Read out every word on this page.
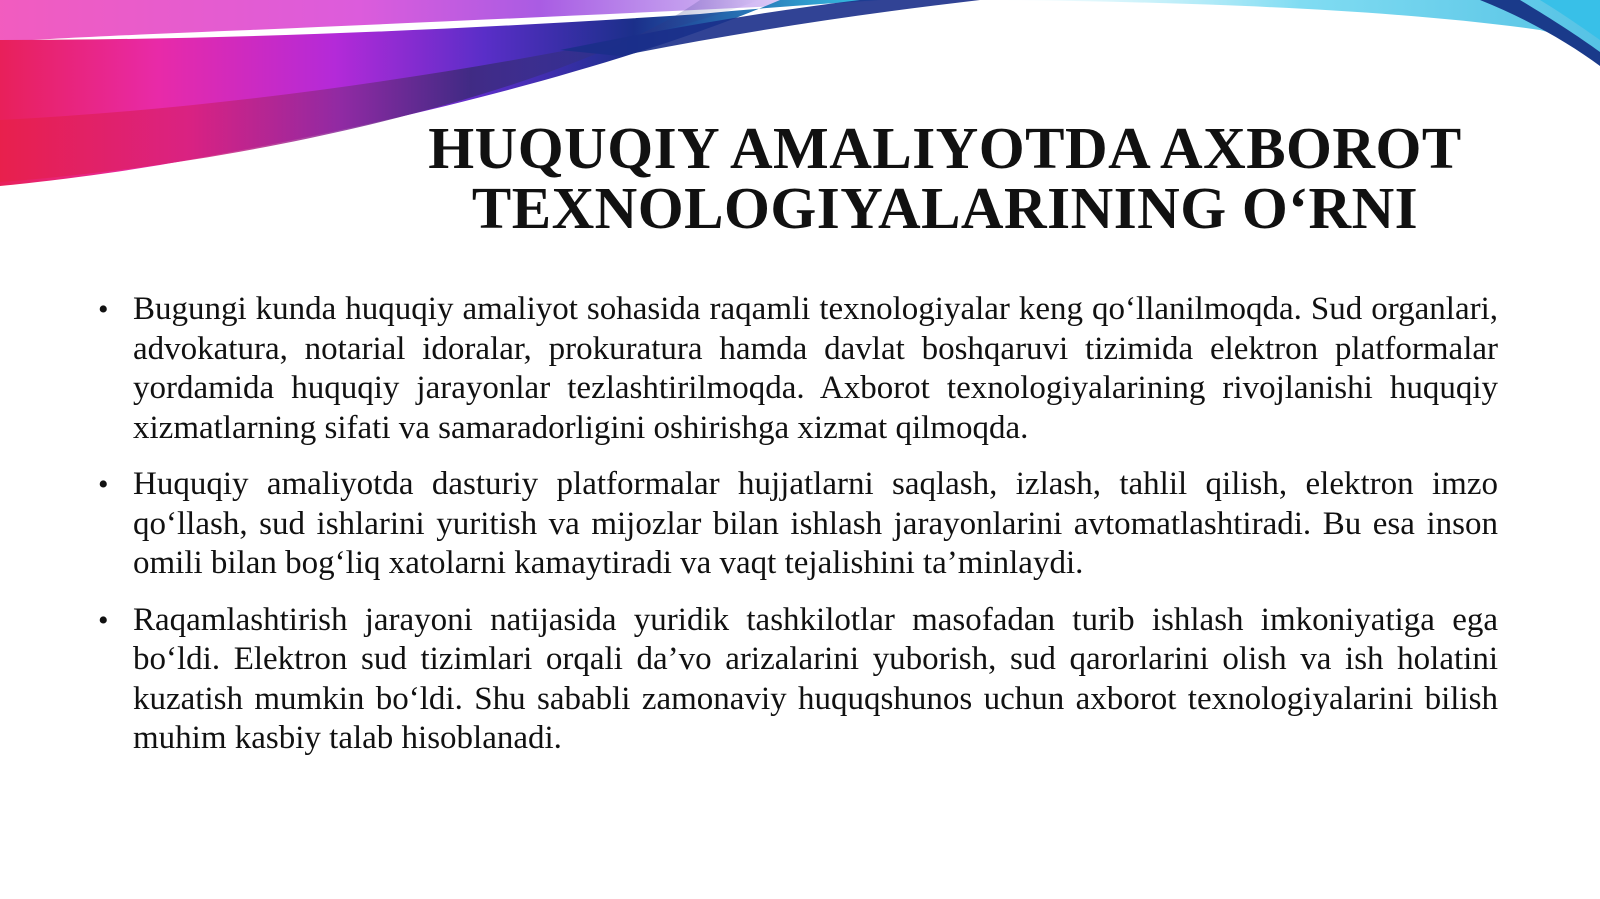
HUQUQIY AMALIYOTDA AXBOROT
TEXNOLOGIYALARINING O‘RNI
• Bugungi kunda huquqiy amaliyot sohasida raqamli texnologiyalar keng qo‘llanilmoqda. Sud organlari, advokatura, notarial idoralar, prokuratura hamda davlat boshqaruvi tizimida elektron platformalar yordamida huquqiy jarayonlar tezlashtirilmoqda. Axborot texnologiyalarining rivojlanishi huquqiy xizmatlarning sifati va samaradorligini oshirishga xizmat qilmoqda.
• Huquqiy amaliyotda dasturiy platformalar hujjatlarni saqlash, izlash, tahlil qilish, elektron imzo qo‘llash, sud ishlarini yuritish va mijozlar bilan ishlash jarayonlarini avtomatlashtiradi. Bu esa inson omili bilan bog‘liq xatolarni kamaytiradi va vaqt tejalishini ta’minlaydi.
• Raqamlashtirish jarayoni natijasida yuridik tashkilotlar masofadan turib ishlash imkoniyatiga ega bo‘ldi. Elektron sud tizimlari orqali da’vo arizalarini yuborish, sud qarorlarini olish va ish holatini kuzatish mumkin bo‘ldi. Shu sababli zamonaviy huquqshunos uchun axborot texnologiyalarini bilish muhim kasbiy talab hisoblanadi.
